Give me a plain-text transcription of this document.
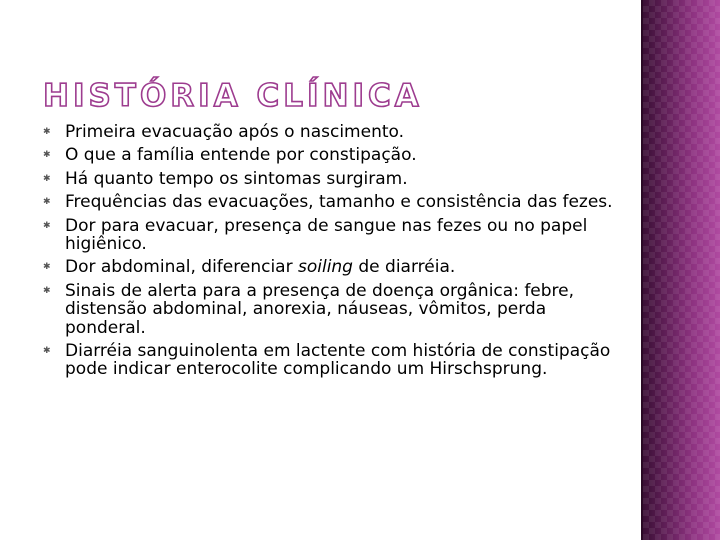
HISTÓRIA CLÍNICA
✱ Primeira evacuação após o nascimento.
✱ O que a família entende por constipação.
✱ Há quanto tempo os sintomas surgiram.
✱ Frequências das evacuações, tamanho e consistência das fezes.
✱ Dor para evacuar, presença de sangue nas fezes ou no papel higiênico.
✱ Dor abdominal, diferenciar soiling de diarréia.
✱ Sinais de alerta para a presença de doença orgânica: febre, distensão abdominal, anorexia, náuseas, vômitos, perda ponderal.
✱ Diarréia sanguinolenta em lactente com história de constipação pode indicar enterocolite complicando um Hirschsprung.
